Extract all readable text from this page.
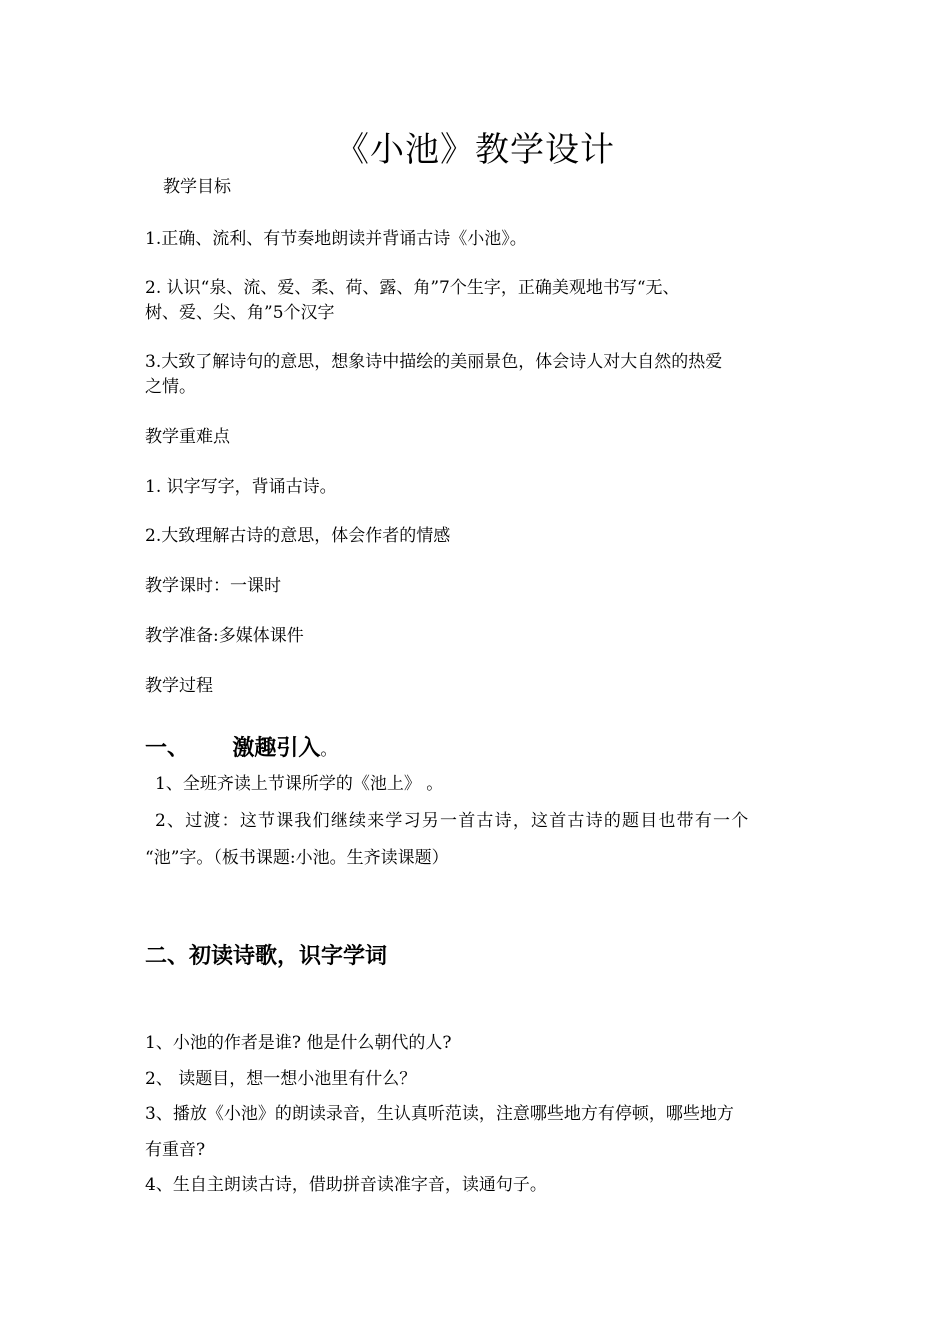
《小池》教学设计
教学目标
1.正确、流利、有节奏地朗读并背诵古诗《小池》。
2. 认识“泉、流、爱、柔、荷、露、角”7个生字，正确美观地书写“无、
树、爱、尖、角”5个汉字
3.大致了解诗句的意思，想象诗中描绘的美丽景色，体会诗人对大自然的热爱
之情。
教学重难点
1. 识字写字，背诵古诗。
2.大致理解古诗的意思，体会作者的情感
教学课时：一课时
教学准备:多媒体课件
教学过程
一、 激趣引入。
1、全班齐读上节课所学的《池上》 。
2、过渡：这节课我们继续来学习另一首古诗，这首古诗的题目也带有一个
“池”字。（板书课题:小池。生齐读课题）
二、初读诗歌，识字学词
1、小池的作者是谁? 他是什么朝代的人?
2、 读题目，想一想小池里有什么？
3、播放《小池》的朗读录音，生认真听范读，注意哪些地方有停顿，哪些地方
有重音?
4、生自主朗读古诗，借助拼音读准字音，读通句子。
